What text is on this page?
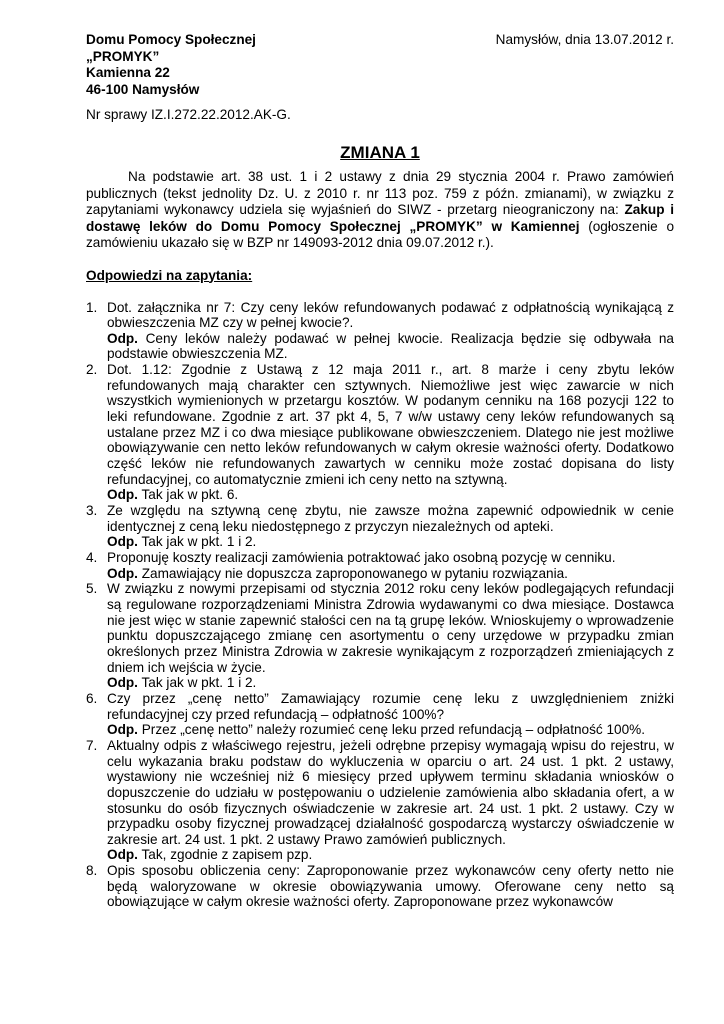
Domu Pomocy Społecznej
„PROMYK”
Kamienna 22
46-100 Namysłów
Namysłów, dnia 13.07.2012 r.
Nr sprawy IZ.I.272.22.2012.AK-G.
ZMIANA 1

Na podstawie art. 38 ust. 1 i 2 ustawy z dnia 29 stycznia 2004 r. Prawo zamówień publicznych (tekst jednolity Dz. U. z 2010 r. nr 113 poz. 759 z późn. zmianami), w związku z zapytaniami wykonawcy udziela się wyjaśnień do SIWZ - przetarg nieograniczony na: Zakup i dostawę leków do Domu Pomocy Społecznej „PROMYK” w Kamiennej (ogłoszenie o zamówieniu ukazało się w BZP nr 149093-2012 dnia 09.07.2012 r.).

Odpowiedzi na zapytania:
1. Dot. załącznika nr 7: Czy ceny leków refundowanych podawać z odpłatnością wynikającą z obwieszczenia MZ czy w pełnej kwocie?.
Odp. Ceny leków należy podawać w pełnej kwocie. Realizacja będzie się odbywała na podstawie obwieszczenia MZ.
2. Dot. 1.12: Zgodnie z Ustawą z 12 maja 2011 r., art. 8 marże i ceny zbytu leków refundowanych mają charakter cen sztywnych. Niemożliwe jest więc zawarcie w nich wszystkich wymienionych w przetargu kosztów. W podanym cenniku na 168 pozycji 122 to leki refundowane. Zgodnie z art. 37 pkt 4, 5, 7 w/w ustawy ceny leków refundowanych są ustalane przez MZ i co dwa miesiące publikowane obwieszczeniem. Dlatego nie jest możliwe obowiązywanie cen netto leków refundowanych w całym okresie ważności oferty. Dodatkowo część leków nie refundowanych zawartych w cenniku może zostać dopisana do listy refundacyjnej, co automatycznie zmieni ich ceny netto na sztywną.
Odp. Tak jak w pkt. 6.
3. Ze względu na sztywną cenę zbytu, nie zawsze można zapewnić odpowiednik w cenie identycznej z ceną leku niedostępnego z przyczyn niezależnych od apteki.
Odp. Tak jak w pkt. 1 i 2.
4. Proponuję koszty realizacji zamówienia potraktować jako osobną pozycję w cenniku.
Odp. Zamawiający nie dopuszcza zaproponowanego w pytaniu rozwiązania.
5. W związku z nowymi przepisami od stycznia 2012 roku ceny leków podlegających refundacji są regulowane rozporządzeniami Ministra Zdrowia wydawanymi co dwa miesiące. Dostawca nie jest więc w stanie zapewnić stałości cen na tą grupę leków. Wnioskujemy o wprowadzenie punktu dopuszczającego zmianę cen asortymentu o ceny urzędowe w przypadku zmian określonych przez Ministra Zdrowia w zakresie wynikającym z rozporządzeń zmieniających z dniem ich wejścia w życie.
Odp. Tak jak w pkt. 1 i 2.
6. Czy przez „cenę netto” Zamawiający rozumie cenę leku z uwzględnieniem zniżki refundacyjnej czy przed refundacją – odpłatność 100%?
Odp. Przez „cenę netto” należy rozumieć cenę leku przed refundacją – odpłatność 100%.
7. Aktualny odpis z właściwego rejestru, jeżeli odrębne przepisy wymagają wpisu do rejestru, w celu wykazania braku podstaw do wykluczenia w oparciu o art. 24 ust. 1 pkt. 2 ustawy, wystawiony nie wcześniej niż 6 miesięcy przed upływem terminu składania wniosków o dopuszczenie do udziału w postępowaniu o udzielenie zamówienia albo składania ofert, a w stosunku do osób fizycznych oświadczenie w zakresie art. 24 ust. 1 pkt. 2 ustawy. Czy w przypadku osoby fizycznej prowadzącej działalność gospodarczą wystarczy oświadczenie w zakresie art. 24 ust. 1 pkt. 2 ustawy Prawo zamówień publicznych.
Odp. Tak, zgodnie z zapisem pzp.
8. Opis sposobu obliczenia ceny: Zaproponowanie przez wykonawców ceny oferty netto nie będą waloryzowane w okresie obowiązywania umowy. Oferowane ceny netto są obowiązujące w całym okresie ważności oferty. Zaproponowane przez wykonawców
